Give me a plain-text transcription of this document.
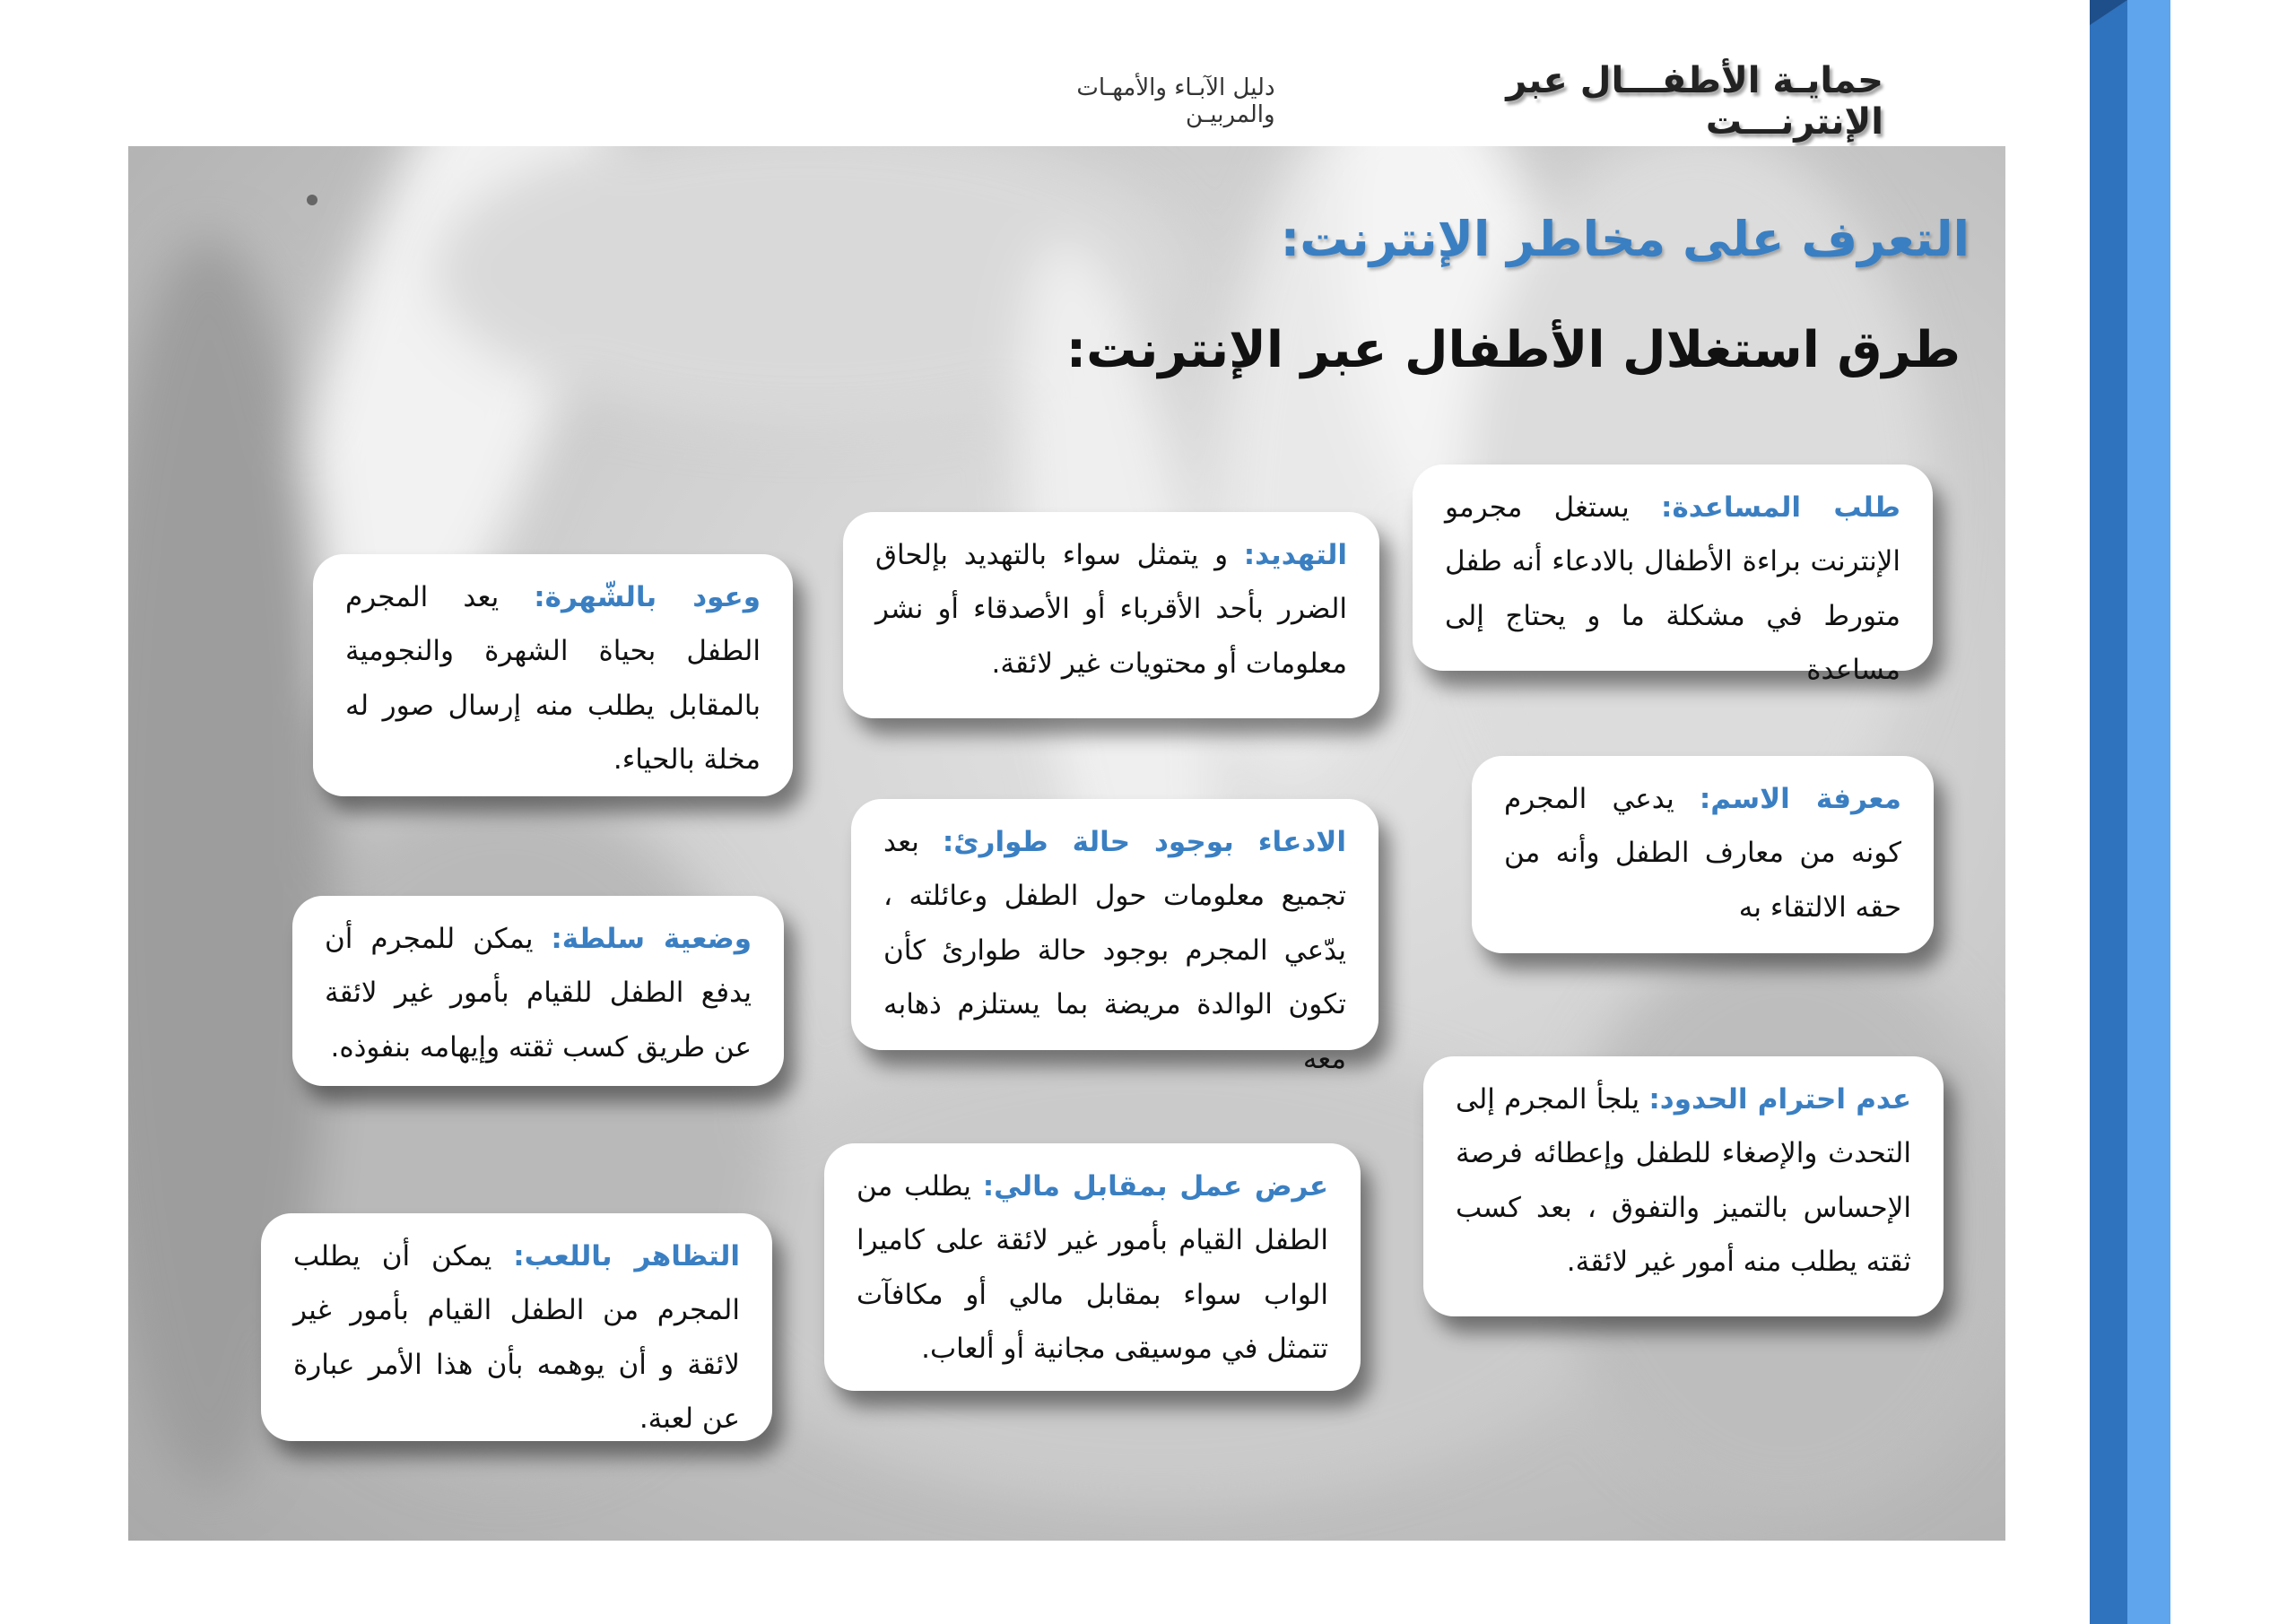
حمايـة الأطفـــال عبر الإنترنـــت
دليل الآبـاء والأمهـات والمربيـن
التعرف على مخاطر الإنترنت:
طرق استغلال الأطفال عبر الإنترنت:
طلب المساعدة: يستغل مجرمو الإنترنت براءة الأطفال بالادعاء أنه طفل متورط في مشكلة ما و يحتاج إلى مساعدة
التهديد: و يتمثل سواء بالتهديد بإلحاق الضرر بأحد الأقرباء أو الأصدقاء أو نشر معلومات أو محتويات غير لائقة.
وعود بالشّهرة: يعد المجرم الطفل بحياة الشهرة والنجومية بالمقابل يطلب منه إرسال صور له مخلة بالحياء.
معرفة الاسم: يدعي المجرم كونه من معارف الطفل وأنه من حقه الالتقاء به
الادعاء بوجود حالة طوارئ: بعد تجميع معلومات حول الطفل وعائلته ، يدّعي المجرم بوجود حالة طوارئ كأن تكون الوالدة مريضة بما يستلزم ذهابه معه
وضعية سلطة: يمكن للمجرم أن يدفع الطفل للقيام بأمور غير لائقة عن طريق كسب ثقته وإيهامه بنفوذه.
عدم احترام الحدود: يلجأ المجرم إلى التحدث والإصغاء للطفل وإعطائه فرصة الإحساس بالتميز والتفوق ، بعد كسب ثقته يطلب منه أمور غير لائقة.
عرض عمل بمقابل مالي: يطلب من الطفل القيام بأمور غير لائقة على كاميرا الواب سواء بمقابل مالي أو مكافآت تتمثل في موسيقى مجانية أو ألعاب.
التظاهر باللعب: يمكن أن يطلب المجرم من الطفل القيام بأمور غير لائقة و أن يوهمه بأن هذا الأمر عبارة عن لعبة.
